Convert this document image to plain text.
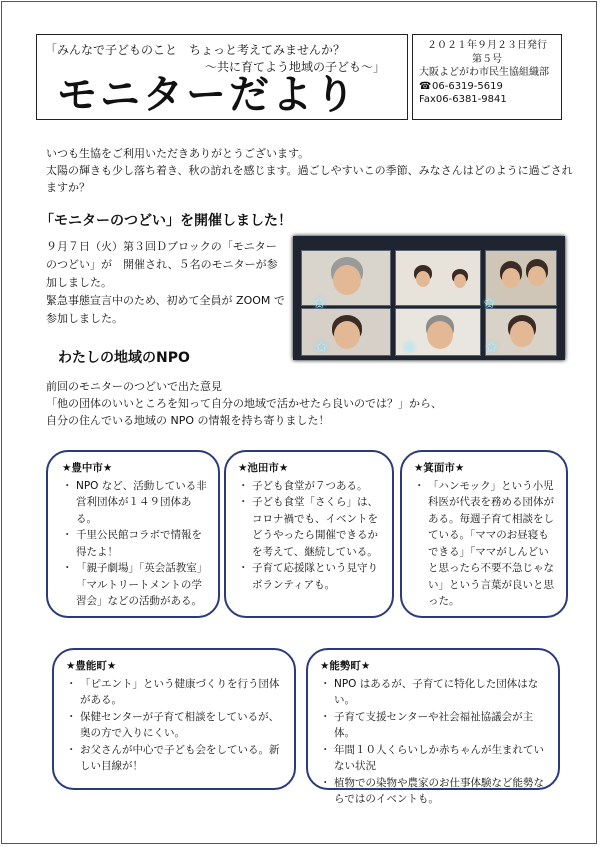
「みんなで子どものこと　ちょっと考えてみませんか？
～共に育てよう地域の子ども～」
モニターだより
２０２１年９月２３日発行
第５号
大阪よどがわ市民生協組織部
☎06-6319-5619
Fax06-6381-9841
いつも生協をご利用いただきありがとうございます。
太陽の輝きも少し落ち着き、秋の訪れを感じます。過ごしやすいこの季節、みなさんはどのように過ごされますか？
「モニターのつどい」を開催しました！
９月７日（火）第３回Ｄブロックの「モニターのつどい」が　開催され、５名のモニターが参加しました。
緊急事態宣言中のため、初めて全員が ZOOM で参加しました。
✩	✩
✩	✩	✩
わたしの地域のNPO
前回のモニターのつどいで出た意見
「他の団体のいいところを知って自分の地域で活かせたら良いのでは？」から、
自分の住んでいる地域の NPO の情報を持ち寄りました！
★豊中市★
・ NPO など、活動している非営利団体が１４９団体ある。
・ 千里公民館コラボで情報を得たよ！
・ 「親子劇場」「英会話教室」「マルトリートメントの学習会」などの活動がある。
★池田市★
・ 子ども食堂が７つある。
・ 子ども食堂「さくら」は、コロナ禍でも、イベントをどうやったら開催できるかを考えて、継続している。
・ 子育て応援隊という見守りボランティアも。
★箕面市★
・ 「ハンモック」という小児科医が代表を務める団体がある。毎週子育て相談をしている。「ママのお昼寝もできる」「ママがしんどいと思ったら不要不急じゃない」という言葉が良いと思った。
★豊能町★
・ 「ピエント」という健康づくりを行う団体がある。
・ 保健センターが子育て相談をしているが、奥の方で入りにくい。
・ お父さんが中心で子ども会をしている。新しい目線が！
★能勢町★
・ NPO はあるが、子育てに特化した団体はない。
・ 子育て支援センターや社会福祉協議会が主体。
・ 年間１０人くらいしか赤ちゃんが生まれていない状況
・ 植物での染物や農家のお仕事体験など能勢ならではのイベントも。
